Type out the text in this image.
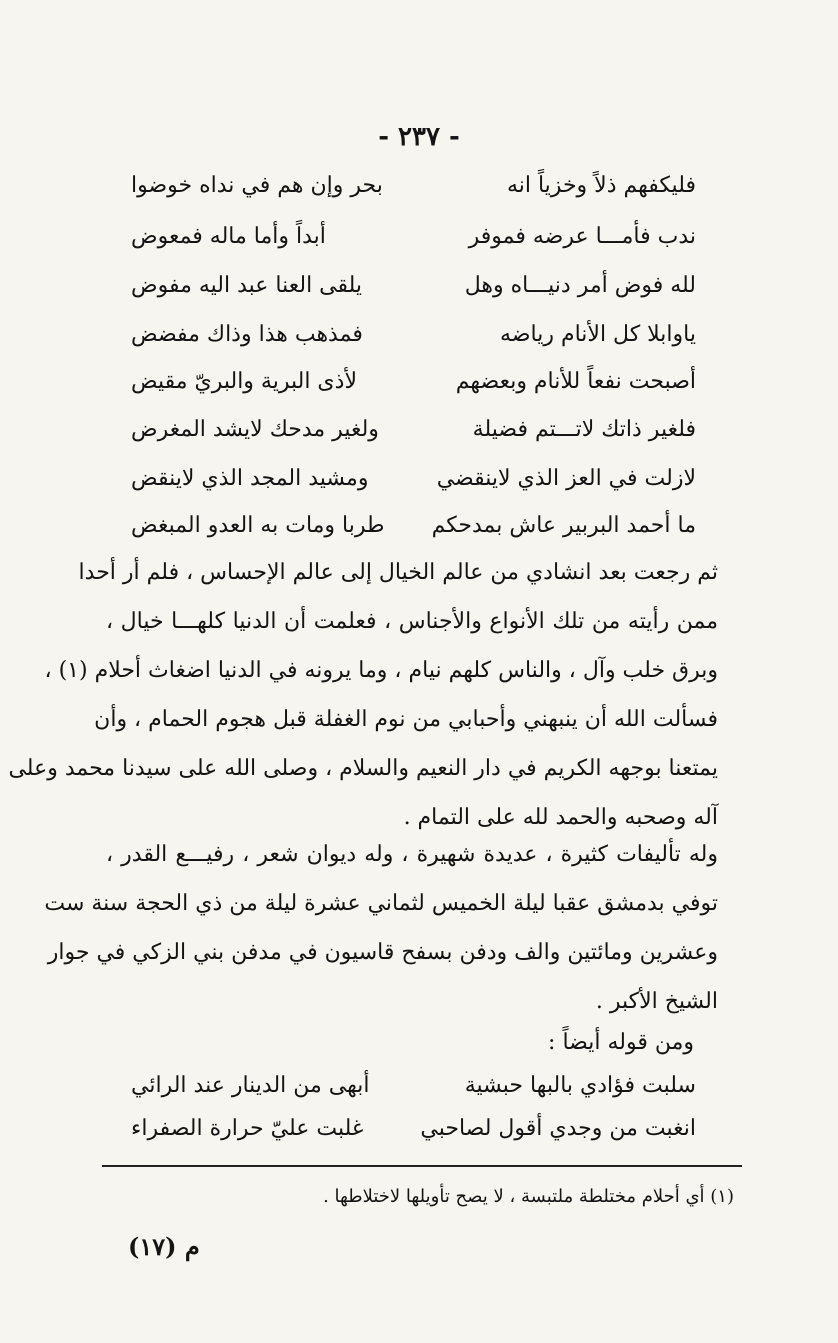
- ٢٣٧ -
فليكفهم ذلاً وخزياً انه
بحر وإن هم في نداه خوضوا
ندب فأمـــا عرضه فموفر
أبداً وأما ماله فمعوض
لله فوض أمر دنيـــاه وهل
يلقى العنا عبد اليه مفوض
ياوابلا كل الأنام رياضه
فمذهب هذا وذاك مفضض
أصبحت نفعاً للأنام وبعضهم
لأذى البرية والبريّ مقيض
فلغير ذاتك لاتـــتم فضيلة
ولغير مدحك لايشد المغرض
لازلت في العز الذي لاينقضي
ومشيد المجد الذي لاينقض
ما أحمد البربير عاش بمدحكم
طربا ومات به العدو المبغض
ثم رجعت بعد انشادي من عالم الخيال إلى عالم الإحساس ، فلم أر أحدا
ممن رأيته من تلك الأنواع والأجناس ، فعلمت أن الدنيا كلهـــا خيال ،
وبرق خلب وآل ، والناس كلهم نيام ، وما يرونه في الدنيا اضغاث أحلام (١) ،
فسألت الله أن ينبهني وأحبابي من نوم الغفلة قبل هجوم الحمام ، وأن
يمتعنا بوجهه الكريم في دار النعيم والسلام ، وصلى الله على سيدنا محمد وعلى
آله وصحبه والحمد لله على التمام .
وله تأليفات كثيرة ، عديدة شهيرة ، وله ديوان شعر ، رفيـــع القدر ،
توفي بدمشق عقبا ليلة الخميس لثماني عشرة ليلة من ذي الحجة سنة ست
وعشرين ومائتين والف ودفن بسفح قاسيون في مدفن بني الزكي في جوار
الشيخ الأكبر .
ومن قوله أيضاً :
سلبت فؤادي بالبها حبشية
أبهى من الدينار عند الرائي
انغبت من وجدي أقول لصاحبي
غلبت عليّ حرارة الصفراء
(١) أي أحلام مختلطة ملتبسة ، لا يصح تأويلها لاختلاطها .
م (١٧)
